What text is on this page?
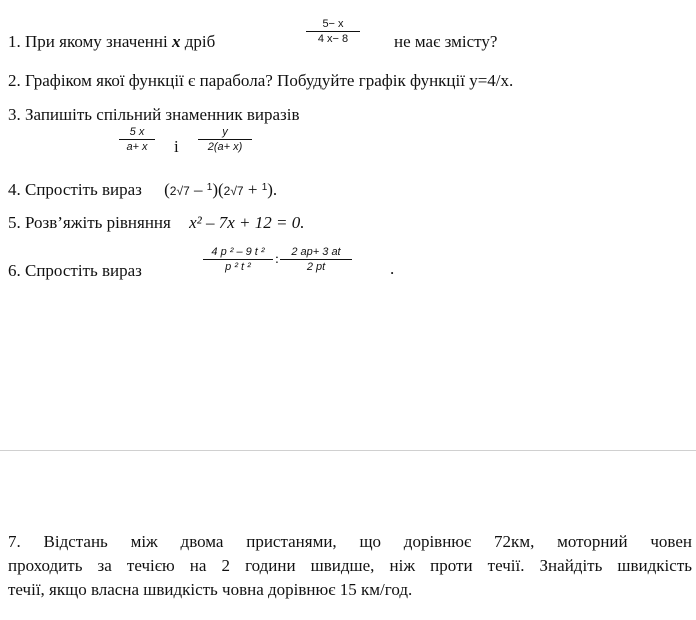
1. При якому значенні x дріб
5− x
4 x− 8	не має змісту?
2. Графіком якої функції є парабола? Побудуйте графік функції y=4/x.
3. Запишіть спільний знаменник виразів
5 x
a+ x	і
y
2(a+ x)
4. Спростіть вираз (2√7 – $^1$)(2√7 + $^1$).
5. Розв’яжіть рівняння x² – 7x + 12 = 0.
6. Спростіть вираз
4 p ² – 9 t ²
p ² t ²	:	2 ap+ 3 at
2 pt	.
7. Відстань між двома пристанями, що дорівнює 72км, моторний човен
проходить за течією на 2 години швидше, ніж проти течії. Знайдіть швидкість
течії, якщо власна швидкість човна дорівнює 15 км/год.
